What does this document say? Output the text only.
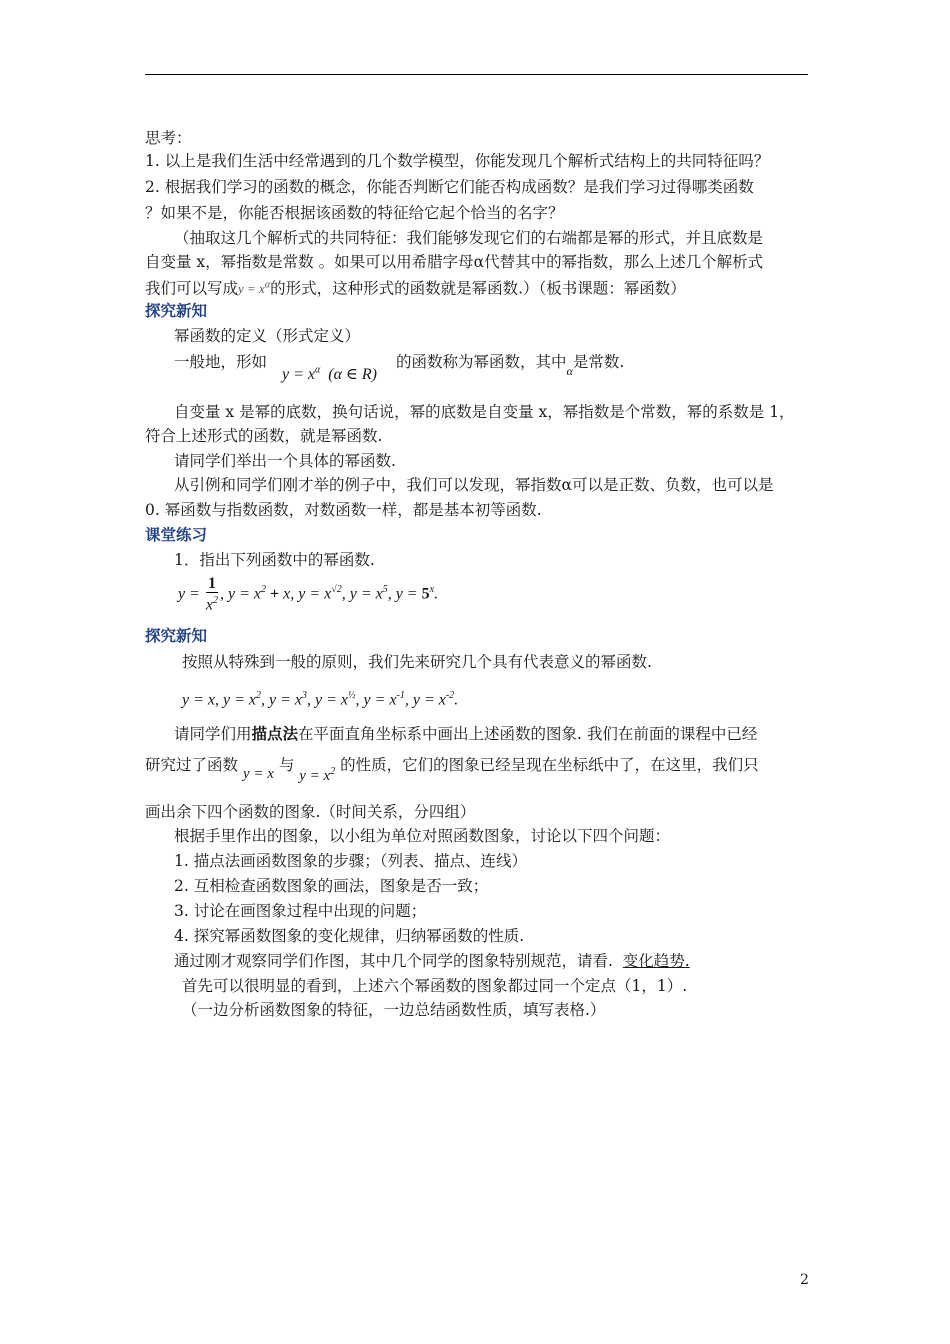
思考：
1. 以上是我们生活中经常遇到的几个数学模型，你能发现几个解析式结构上的共同特征吗？
2. 根据我们学习的函数的概念，你能否判断它们能否构成函数？是我们学习过得哪类函数
？如果不是，你能否根据该函数的特征给它起个恰当的名字？
（抽取这几个解析式的共同特征：我们能够发现它们的右端都是幂的形式，并且底数是
自变量 x，幂指数是常数 。如果可以用希腊字母α代替其中的幂指数，那么上述几个解析式
我们可以写成$y = x^\alpha$的形式，这种形式的函数就是幂函数.）（板书课题：幂函数）
探究新知
幂函数的定义（形式定义）
一般地，形如
$y = x^\alpha$ (α ∈ R)
的函数称为幂函数，其中$_\alpha$是常数.
自变量 x 是幂的底数，换句话说，幂的底数是自变量 x，幂指数是个常数，幂的系数是 1，
符合上述形式的函数，就是幂函数.
请同学们举出一个具体的幂函数.
从引例和同学们刚才举的例子中，我们可以发现，幂指数α可以是正数、负数，也可以是
0. 幂函数与指数函数，对数函数一样，都是基本初等函数.
课堂练习
1．指出下列函数中的幂函数.
$y = \frac{1}{x^2}$ , $y = x^2 + x$, $y = x^{√2}$, $y = x^5$, $y = 5^x$.
探究新知
按照从特殊到一般的原则，我们先来研究几个具有代表意义的幂函数.
y = x, $y = x^2$, $y = x^3$, $y = x^{\frac{1}{2}}$, $y = x^{-1}$, $y = x^{-2}$.
请同学们用描点法在平面直角坐标系中画出上述函数的图象. 我们在前面的课程中已经
研究过了函数 y = x 与 $y = x^2$ 的性质，它们的图象已经呈现在坐标纸中了，在这里，我们只
画出余下四个函数的图象.（时间关系，分四组）
根据手里作出的图象，以小组为单位对照函数图象，讨论以下四个问题：
1. 描点法画函数图象的步骤；（列表、描点、连线）
2. 互相检查函数图象的画法，图象是否一致；
3. 讨论在画图象过程中出现的问题；
4. 探究幂函数图象的变化规律，归纳幂函数的性质.
通过刚才观察同学们作图，其中几个同学的图象特别规范，请看. 变化趋势.
首先可以很明显的看到，上述六个幂函数的图象都过同一个定点（1，1）.
（一边分析函数图象的特征，一边总结函数性质，填写表格.）
2
